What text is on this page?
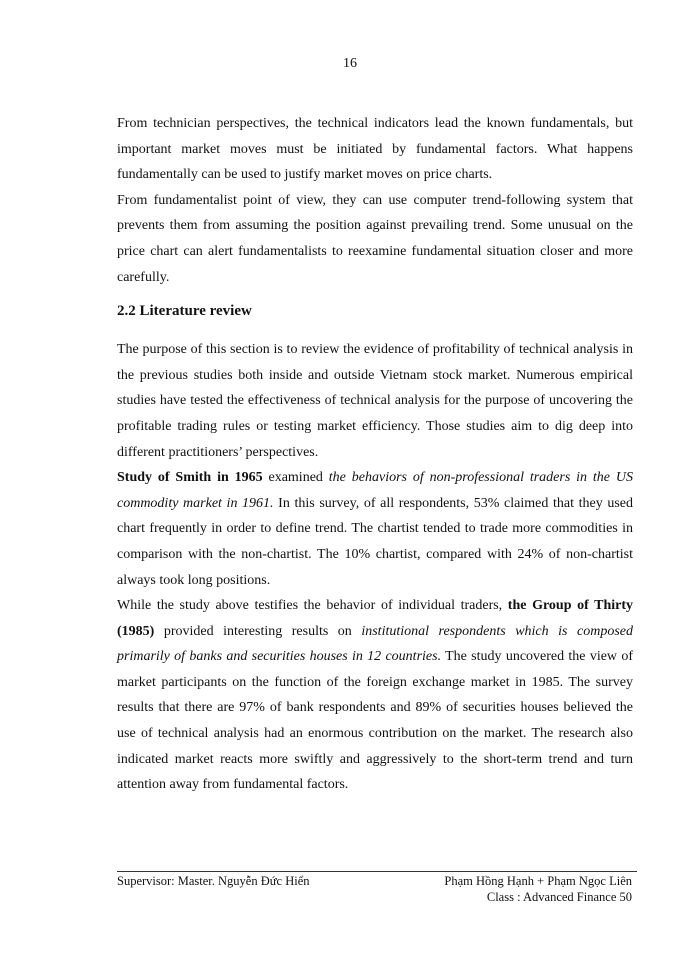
16

From technician perspectives, the technical indicators lead the known fundamentals, but important market moves must be initiated by fundamental factors. What happens fundamentally can be used to justify market moves on price charts.

From fundamentalist point of view, they can use computer trend-following system that prevents them from assuming the position against prevailing trend. Some unusual on the price chart can alert fundamentalists to reexamine fundamental situation closer and more carefully.

2.2 Literature review

The purpose of this section is to review the evidence of profitability of technical analysis in the previous studies both inside and outside Vietnam stock market. Numerous empirical studies have tested the effectiveness of technical analysis for the purpose of uncovering the profitable trading rules or testing market efficiency. Those studies aim to dig deep into different practitioners’ perspectives.

Study of Smith in 1965 examined the behaviors of non-professional traders in the US commodity market in 1961. In this survey, of all respondents, 53% claimed that they used chart frequently in order to define trend. The chartist tended to trade more commodities in comparison with the non-chartist. The 10% chartist, compared with 24% of non-chartist always took long positions.

While the study above testifies the behavior of individual traders, the Group of Thirty (1985) provided interesting results on institutional respondents which is composed primarily of banks and securities houses in 12 countries. The study uncovered the view of market participants on the function of the foreign exchange market in 1985. The survey results that there are 97% of bank respondents and 89% of securities houses believed the use of technical analysis had an enormous contribution on the market. The research also indicated market reacts more swiftly and aggressively to the short-term trend and turn attention away from fundamental factors.

Supervisor: Master. Nguyễn Đức Hiển	Phạm Hồng Hạnh + Phạm Ngọc Liên
Class : Advanced Finance 50
